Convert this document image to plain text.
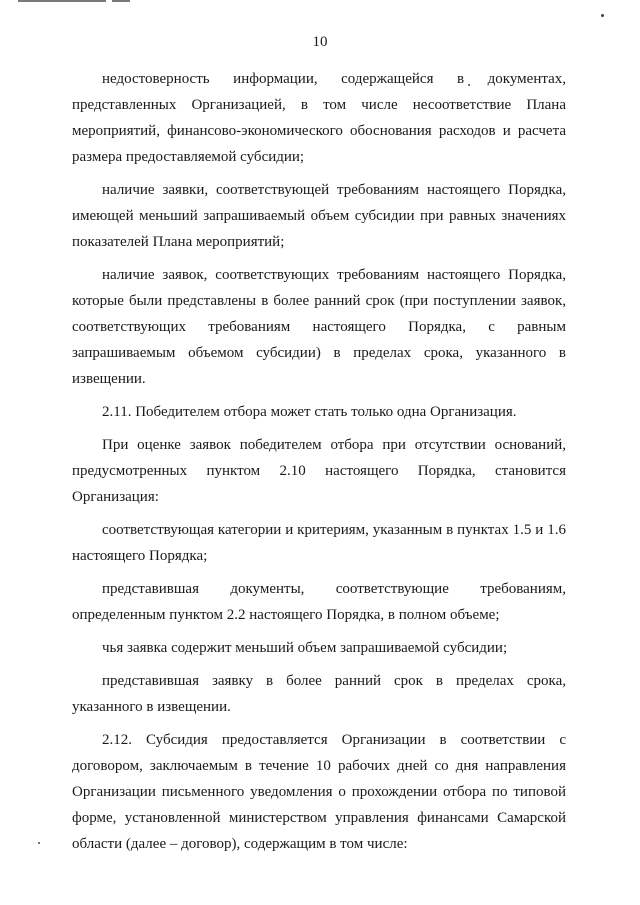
10

недостоверность информации, содержащейся в документах, представленных Организацией, в том числе несоответствие Плана мероприятий, финансово-экономического обоснования расходов и расчета размера предоставляемой субсидии;

наличие заявки, соответствующей требованиям настоящего Порядка, имеющей меньший запрашиваемый объем субсидии при равных значениях показателей Плана мероприятий;

наличие заявок, соответствующих требованиям настоящего Порядка, которые были представлены в более ранний срок (при поступлении заявок, соответствующих требованиям настоящего Порядка, с равным запрашиваемым объемом субсидии) в пределах срока, указанного в извещении.

2.11. Победителем отбора может стать только одна Организация.

При оценке заявок победителем отбора при отсутствии оснований, предусмотренных пунктом 2.10 настоящего Порядка, становится Организация:

соответствующая категории и критериям, указанным в пунктах 1.5 и 1.6 настоящего Порядка;

представившая документы, соответствующие требованиям, определенным пунктом 2.2 настоящего Порядка, в полном объеме;

чья заявка содержит меньший объем запрашиваемой субсидии;

представившая заявку в более ранний срок в пределах срока, указанного в извещении.

2.12. Субсидия предоставляется Организации в соответствии с договором, заключаемым в течение 10 рабочих дней со дня направления Организации письменного уведомления о прохождении отбора по типовой форме, установленной министерством управления финансами Самарской области (далее – договор), содержащим в том числе:
